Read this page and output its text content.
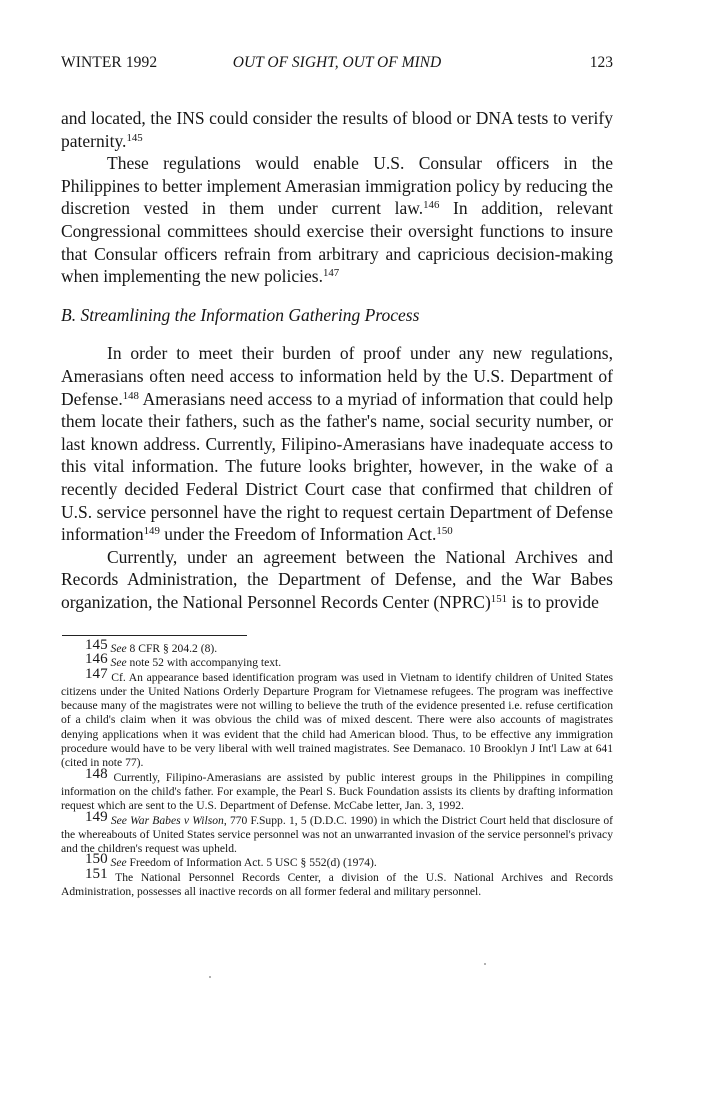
WINTER 1992	OUT OF SIGHT, OUT OF MIND	123

and located, the INS could consider the results of blood or DNA tests to verify paternity.$^{145}$

These regulations would enable U.S. Consular officers in the Philippines to better implement Amerasian immigration policy by reducing the discretion vested in them under current law.$^{146}$ In addition, relevant Congressional committees should exercise their oversight functions to insure that Consular officers refrain from arbitrary and capricious decision-making when implementing the new policies.$^{147}$

B. Streamlining the Information Gathering Process

In order to meet their burden of proof under any new regulations, Amerasians often need access to information held by the U.S. Department of Defense.$^{148}$ Amerasians need access to a myriad of information that could help them locate their fathers, such as the father's name, social security number, or last known address. Currently, Filipino-Amerasians have inadequate access to this vital information. The future looks brighter, however, in the wake of a recently decided Federal District Court case that confirmed that children of U.S. service personnel have the right to request certain Department of Defense information$^{149}$ under the Freedom of Information Act.$^{150}$

Currently, under an agreement between the National Archives and Records Administration, the Department of Defense, and the War Babes organization, the National Personnel Records Center (NPRC)$^{151}$ is to provide

$^{145}$ See 8 CFR § 204.2 (8).

$^{146}$ See note 52 with accompanying text.

$^{147}$ Cf. An appearance based identification program was used in Vietnam to identify children of United States citizens under the United Nations Orderly Departure Program for Vietnamese refugees. The program was ineffective because many of the magistrates were not willing to believe the truth of the evidence presented i.e. refuse certification of a child's claim when it was obvious the child was of mixed descent. There were also accounts of magistrates denying applications when it was evident that the child had American blood. Thus, to be effective any immigration procedure would have to be very liberal with well trained magistrates. See Demanaco. 10 Brooklyn J Int'l Law at 641 (cited in note 77).

$^{148}$ Currently, Filipino-Amerasians are assisted by public interest groups in the Philippines in compiling information on the child's father. For example, the Pearl S. Buck Foundation assists its clients by drafting information request which are sent to the U.S. Department of Defense. McCabe letter, Jan. 3, 1992.

$^{149}$ See War Babes v Wilson, 770 F.Supp. 1, 5 (D.D.C. 1990) in which the District Court held that disclosure of the whereabouts of United States service personnel was not an unwarranted invasion of the service personnel's privacy and the children's request was upheld.

$^{150}$ See Freedom of Information Act. 5 USC § 552(d) (1974).

$^{151}$ The National Personnel Records Center, a division of the U.S. National Archives and Records Administration, possesses all inactive records on all former federal and military personnel.
